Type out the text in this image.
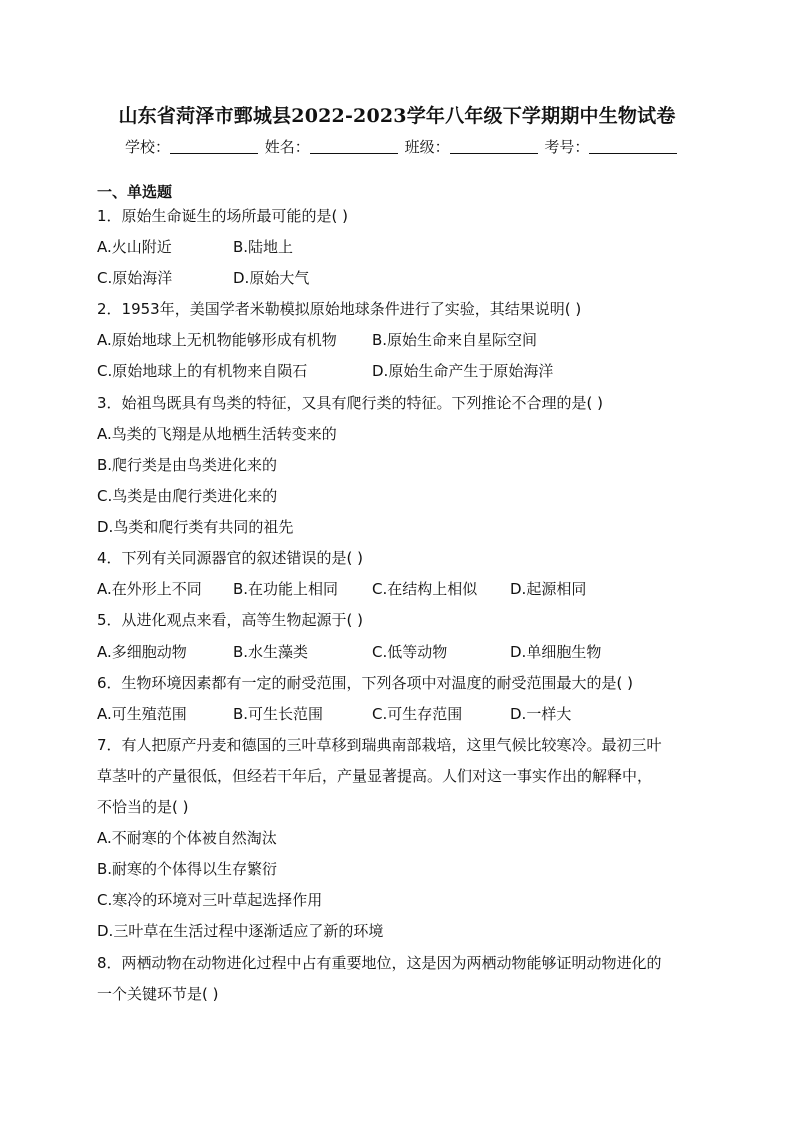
山东省菏泽市鄄城县2022-2023学年八年级下学期期中生物试卷
学校：	姓名：	班级：	考号：
一、单选题
1．原始生命诞生的场所最可能的是( )
A.火山附近	B.陆地上
C.原始海洋	D.原始大气
2．1953年，美国学者米勒模拟原始地球条件进行了实验，其结果说明( )
A.原始地球上无机物能够形成有机物 B.原始生命来自星际空间
C.原始地球上的有机物来自陨石	D.原始生命产生于原始海洋
3．始祖鸟既具有鸟类的特征，又具有爬行类的特征。下列推论不合理的是( )
A.鸟类的飞翔是从地栖生活转变来的
B.爬行类是由鸟类进化来的
C.鸟类是由爬行类进化来的
D.鸟类和爬行类有共同的祖先
4．下列有关同源器官的叙述错误的是( )
A.在外形上不同 B.在功能上相同 C.在结构上相似 D.起源相同
5．从进化观点来看，高等生物起源于( )
A.多细胞动物	B.水生藻类	C.低等动物	D.单细胞生物
6．生物环境因素都有一定的耐受范围，下列各项中对温度的耐受范围最大的是( )
A.可生殖范围	B.可生长范围	C.可生存范围	D.一样大
7．有人把原产丹麦和德国的三叶草移到瑞典南部栽培，这里气候比较寒冷。最初三叶
草茎叶的产量很低，但经若干年后，产量显著提高。人们对这一事实作出的解释中，
不恰当的是( )
A.不耐寒的个体被自然淘汰
B.耐寒的个体得以生存繁衍
C.寒冷的环境对三叶草起选择作用
D.三叶草在生活过程中逐渐适应了新的环境
8．两栖动物在动物进化过程中占有重要地位，这是因为两栖动物能够证明动物进化的
一个关键环节是( )
